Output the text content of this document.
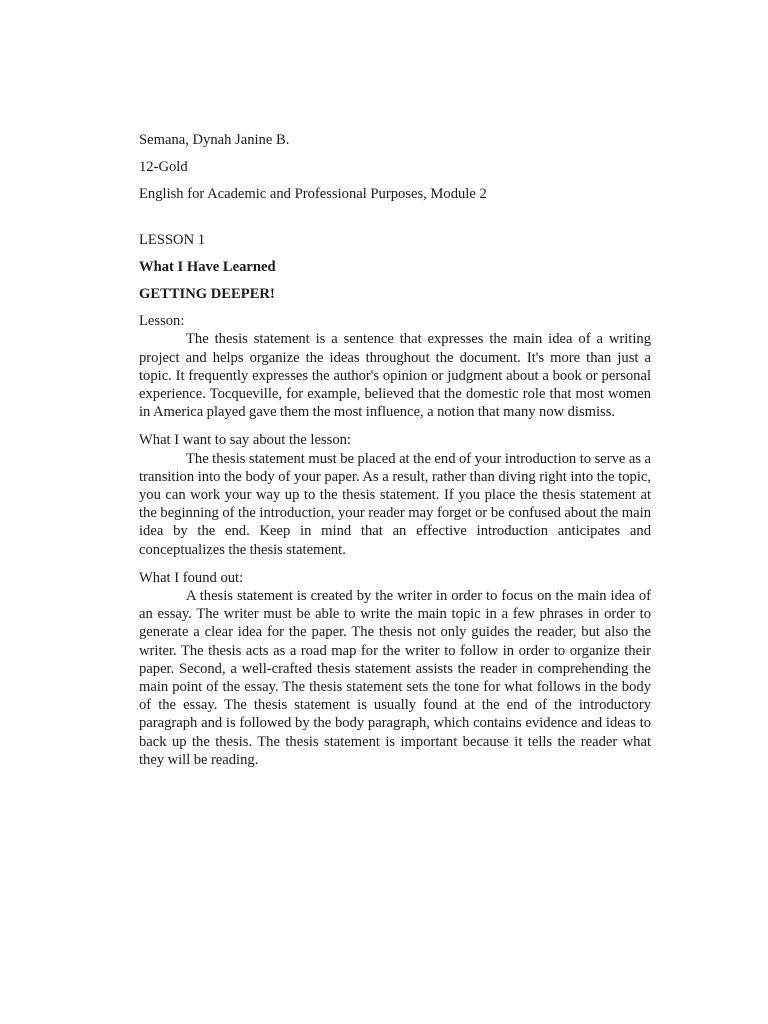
Semana, Dynah Janine B.

12-Gold

English for Academic and Professional Purposes, Module 2

LESSON 1

What I Have Learned

GETTING DEEPER!

Lesson:

The thesis statement is a sentence that expresses the main idea of a writing project and helps organize the ideas throughout the document. It's more than just a topic. It frequently expresses the author's opinion or judgment about a book or personal experience. Tocqueville, for example, believed that the domestic role that most women in America played gave them the most influence, a notion that many now dismiss.

What I want to say about the lesson:

The thesis statement must be placed at the end of your introduction to serve as a transition into the body of your paper. As a result, rather than diving right into the topic, you can work your way up to the thesis statement. If you place the thesis statement at the beginning of the introduction, your reader may forget or be confused about the main idea by the end. Keep in mind that an effective introduction anticipates and conceptualizes the thesis statement.

What I found out:

A thesis statement is created by the writer in order to focus on the main idea of an essay. The writer must be able to write the main topic in a few phrases in order to generate a clear idea for the paper. The thesis not only guides the reader, but also the writer. The thesis acts as a road map for the writer to follow in order to organize their paper. Second, a well-crafted thesis statement assists the reader in comprehending the main point of the essay. The thesis statement sets the tone for what follows in the body of the essay. The thesis statement is usually found at the end of the introductory paragraph and is followed by the body paragraph, which contains evidence and ideas to back up the thesis. The thesis statement is important because it tells the reader what they will be reading.
